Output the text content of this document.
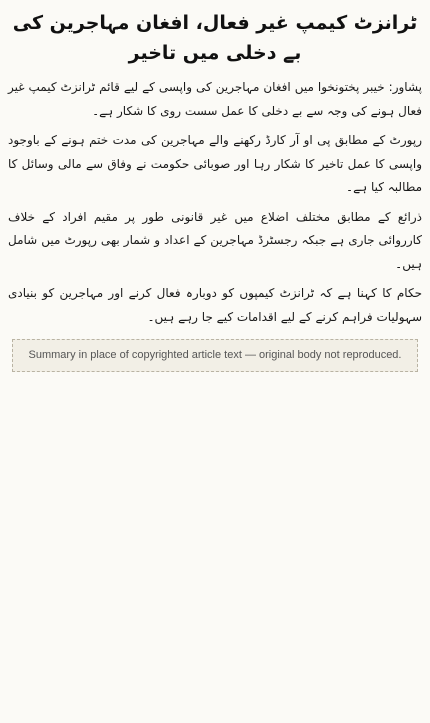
ٹرانزٹ کیمپ غیر فعال، افغان مہاجرین کی بے دخلی میں تاخیر

پشاور: خیبر پختونخوا میں افغان مہاجرین کی واپسی کے لیے قائم ٹرانزٹ کیمپ غیر فعال ہونے کی وجہ سے بے دخلی کا عمل سست روی کا شکار ہے۔

رپورٹ کے مطابق پی او آر کارڈ رکھنے والے مہاجرین کی مدت ختم ہونے کے باوجود واپسی کا عمل تاخیر کا شکار رہا اور صوبائی حکومت نے وفاق سے مالی وسائل کا مطالبہ کیا ہے۔

ذرائع کے مطابق مختلف اضلاع میں غیر قانونی طور پر مقیم افراد کے خلاف کارروائی جاری ہے جبکہ رجسٹرڈ مہاجرین کے اعداد و شمار بھی رپورٹ میں شامل ہیں۔

حکام کا کہنا ہے کہ ٹرانزٹ کیمپوں کو دوبارہ فعال کرنے اور مہاجرین کو بنیادی سہولیات فراہم کرنے کے لیے اقدامات کیے جا رہے ہیں۔

Summary in place of copyrighted article text — original body not reproduced.
